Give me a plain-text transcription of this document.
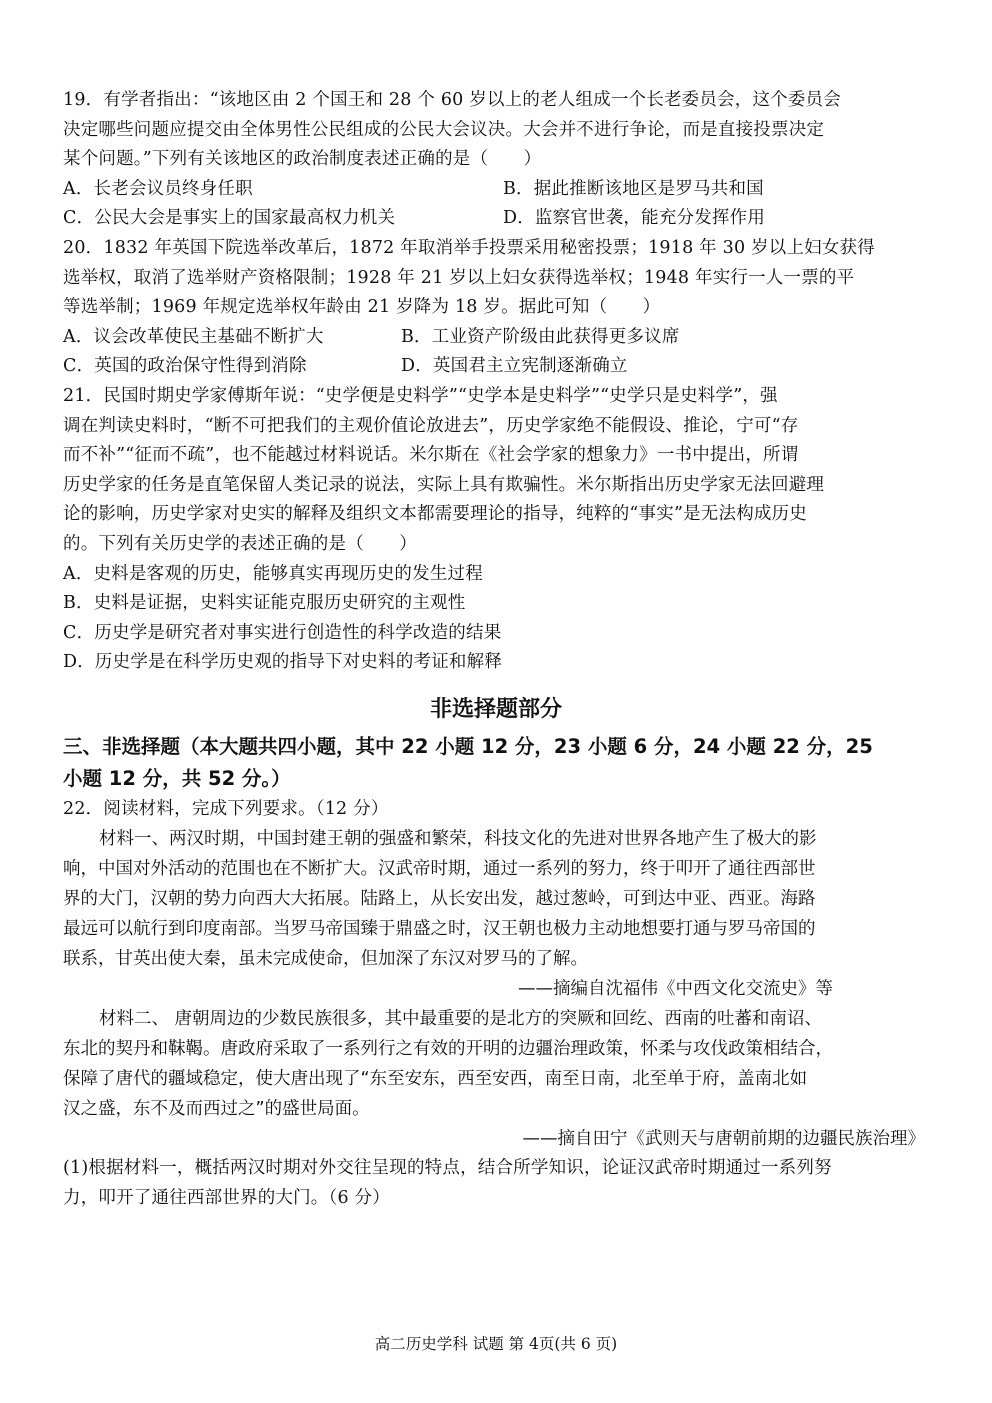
19．有学者指出：“该地区由 2 个国王和 28 个 60 岁以上的老人组成一个长老委员会，这个委员会
决定哪些问题应提交由全体男性公民组成的公民大会议决。大会并不进行争论，而是直接投票决定
某个问题。”下列有关该地区的政治制度表述正确的是（　　）
A．长老会议员终身任职	B．据此推断该地区是罗马共和国
C．公民大会是事实上的国家最高权力机关	D．监察官世袭，能充分发挥作用
20．1832 年英国下院选举改革后，1872 年取消举手投票采用秘密投票；1918 年 30 岁以上妇女获得
选举权，取消了选举财产资格限制；1928 年 21 岁以上妇女获得选举权；1948 年实行一人一票的平
等选举制；1969 年规定选举权年龄由 21 岁降为 18 岁。据此可知（　　）
A．议会改革使民主基础不断扩大	B．工业资产阶级由此获得更多议席
C．英国的政治保守性得到消除	D．英国君主立宪制逐渐确立
21．民国时期史学家傅斯年说：“史学便是史料学”“史学本是史料学”“史学只是史料学”，强
调在判读史料时，“断不可把我们的主观价值论放进去”，历史学家绝不能假设、推论，宁可“存
而不补”“征而不疏”，也不能越过材料说话。米尔斯在《社会学家的想象力》一书中提出，所谓
历史学家的任务是直笔保留人类记录的说法，实际上具有欺骗性。米尔斯指出历史学家无法回避理
论的影响，历史学家对史实的解释及组织文本都需要理论的指导，纯粹的“事实”是无法构成历史
的。下列有关历史学的表述正确的是（　　）
A．史料是客观的历史，能够真实再现历史的发生过程
B．史料是证据，史料实证能克服历史研究的主观性
C．历史学是研究者对事实进行创造性的科学改造的结果
D．历史学是在科学历史观的指导下对史料的考证和解释
非选择题部分
三、非选择题（本大题共四小题，其中 22 小题 12 分，23 小题 6 分，24 小题 22 分，25
小题 12 分，共 52 分。）
22．阅读材料，完成下列要求。（12 分）
材料一、两汉时期，中国封建王朝的强盛和繁荣，科技文化的先进对世界各地产生了极大的影
响，中国对外活动的范围也在不断扩大。汉武帝时期，通过一系列的努力，终于叩开了通往西部世
界的大门，汉朝的势力向西大大拓展。陆路上，从长安出发，越过葱岭，可到达中亚、西亚。海路
最远可以航行到印度南部。当罗马帝国臻于鼎盛之时，汉王朝也极力主动地想要打通与罗马帝国的
联系，甘英出使大秦，虽未完成使命，但加深了东汉对罗马的了解。
——摘编自沈福伟《中西文化交流史》等
材料二、 唐朝周边的少数民族很多，其中最重要的是北方的突厥和回纥、西南的吐蕃和南诏、
东北的契丹和靺鞨。唐政府采取了一系列行之有效的开明的边疆治理政策，怀柔与攻伐政策相结合，
保障了唐代的疆域稳定，使大唐出现了“东至安东，西至安西，南至日南，北至单于府，盖南北如
汉之盛，东不及而西过之”的盛世局面。
——摘自田宁《武则天与唐朝前期的边疆民族治理》
(1)根据材料一，概括两汉时期对外交往呈现的特点，结合所学知识，论证汉武帝时期通过一系列努
力，叩开了通往西部世界的大门。（6 分）
高二历史学科 试题 第 4页(共 6 页)
